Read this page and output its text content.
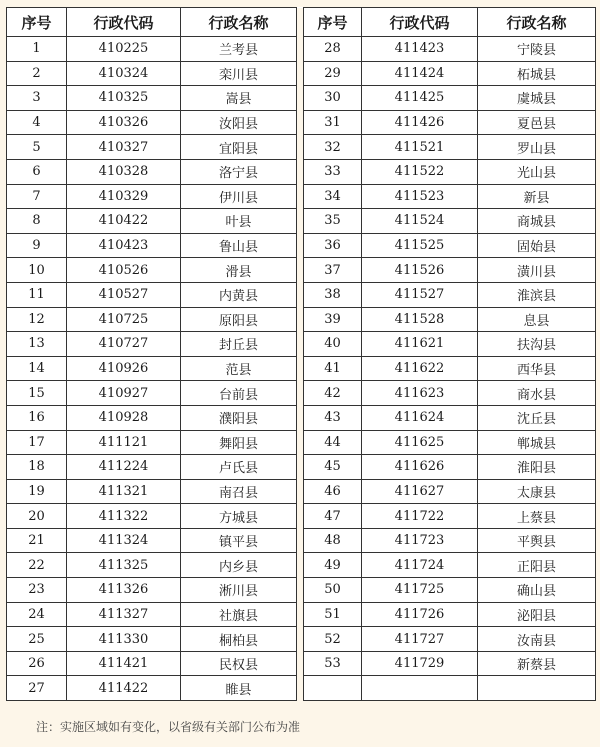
序号	行政代码	行政名称		序号	行政代码	行政名称
1	410225	兰考县		28	411423	宁陵县
2	410324	栾川县		29	411424	柘城县
3	410325	嵩县		30	411425	虞城县
4	410326	汝阳县		31	411426	夏邑县
5	410327	宜阳县		32	411521	罗山县
6	410328	洛宁县		33	411522	光山县
7	410329	伊川县		34	411523	新县
8	410422	叶县		35	411524	商城县
9	410423	鲁山县		36	411525	固始县
10	410526	滑县		37	411526	潢川县
11	410527	内黄县		38	411527	淮滨县
12	410725	原阳县		39	411528	息县
13	410727	封丘县		40	411621	扶沟县
14	410926	范县		41	411622	西华县
15	410927	台前县		42	411623	商水县
16	410928	濮阳县		43	411624	沈丘县
17	411121	舞阳县		44	411625	郸城县
18	411224	卢氏县		45	411626	淮阳县
19	411321	南召县		46	411627	太康县
20	411322	方城县		47	411722	上蔡县
21	411324	镇平县		48	411723	平舆县
22	411325	内乡县		49	411724	正阳县
23	411326	淅川县		50	411725	确山县
24	411327	社旗县		51	411726	泌阳县
25	411330	桐柏县		52	411727	汝南县
26	411421	民权县		53	411729	新蔡县
27	411422	睢县				
注：实施区域如有变化，以省级有关部门公布为准
